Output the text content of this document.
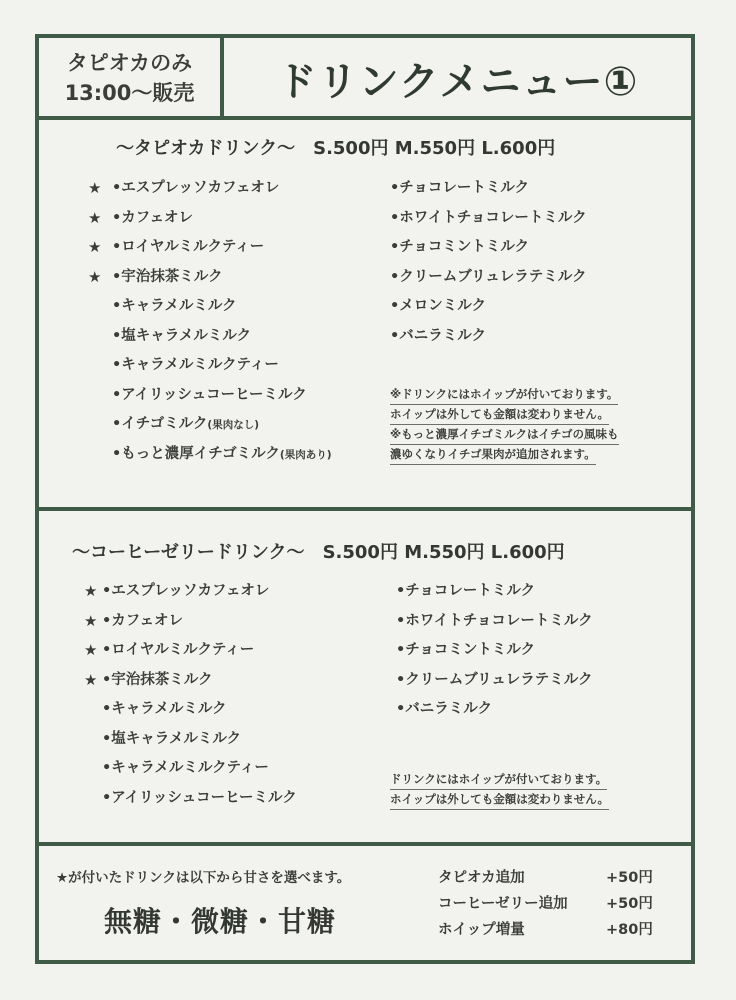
タピオカのみ
13:00〜販売	ドリンクメニュー①
〜タピオカドリンク〜 S.500円 M.550円 L.600円
★ •エスプレッソカフェオレ
★ •カフェオレ
★ •ロイヤルミルクティー
★ •宇治抹茶ミルク
•キャラメルミルク
•塩キャラメルミルク
•キャラメルミルクティー
•アイリッシュコーヒーミルク
•イチゴミルク(果肉なし)
•もっと濃厚イチゴミルク(果肉あり)
•チョコレートミルク
•ホワイトチョコレートミルク
•チョコミントミルク
•クリームブリュレラテミルク
•メロンミルク
•バニラミルク
※ドリンクにはホイップが付いております。
ホイップは外しても金額は変わりません。
※もっと濃厚イチゴミルクはイチゴの風味も
濃ゆくなりイチゴ果肉が追加されます。
〜コーヒーゼリードリンク〜 S.500円 M.550円 L.600円
★ •エスプレッソカフェオレ
★ •カフェオレ
★ •ロイヤルミルクティー
★ •宇治抹茶ミルク
•キャラメルミルク
•塩キャラメルミルク
•キャラメルミルクティー
•アイリッシュコーヒーミルク
•チョコレートミルク
•ホワイトチョコレートミルク
•チョコミントミルク
•クリームブリュレラテミルク
•バニラミルク
ドリンクにはホイップが付いております。
ホイップは外しても金額は変わりません。
★が付いたドリンクは以下から甘さを選べます。
無糖・微糖・甘糖
タピオカ追加	+50円
コーヒーゼリー追加	+50円
ホイップ増量	+80円
